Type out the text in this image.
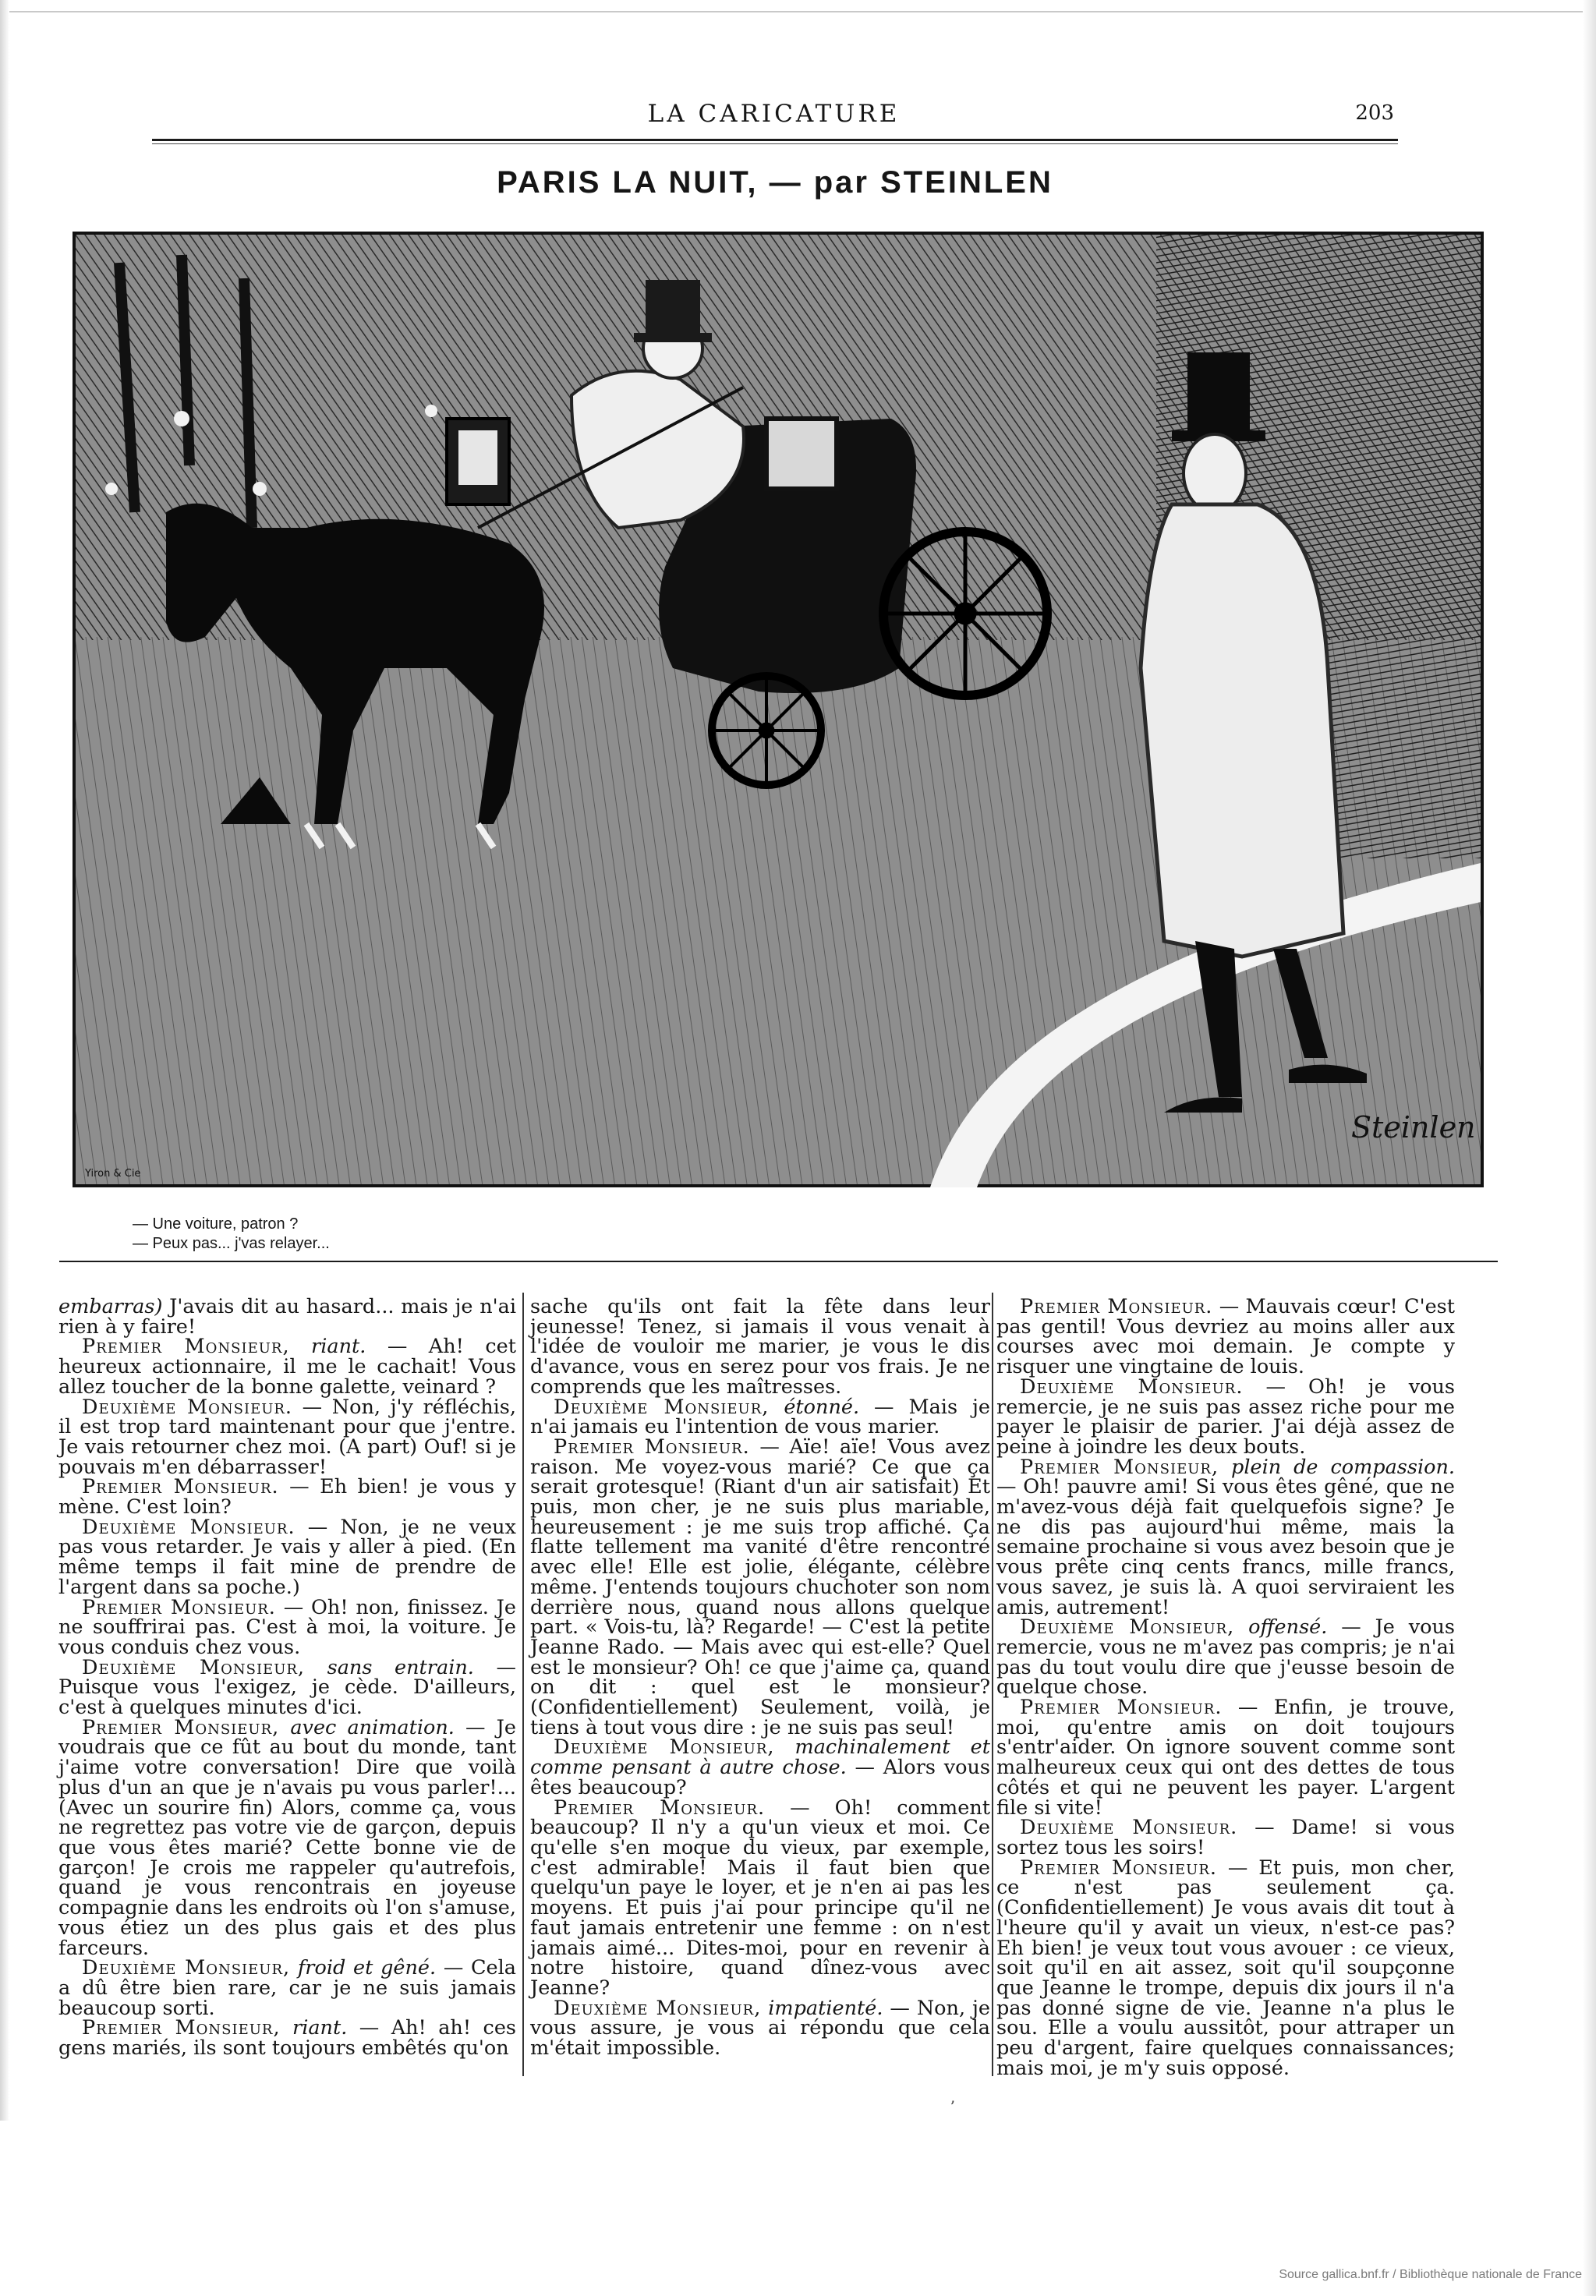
LA CARICATURE	203
PARIS LA NUIT, — par STEINLEN
Steinlen
Yiron & Cie
— Une voiture, patron ?
— Peux pas... j'vas relayer...

embarras) J'avais dit au hasard... mais je n'ai rien à y faire!

Premier Monsieur, riant. — Ah! cet heureux actionnaire, il me le cachait! Vous allez toucher de la bonne galette, veinard ?

Deuxième Monsieur. — Non, j'y réfléchis, il est trop tard maintenant pour que j'entre. Je vais retourner chez moi. (A part) Ouf! si je pouvais m'en débarrasser!

Premier Monsieur. — Eh bien! je vous y mène. C'est loin?

Deuxième Monsieur. — Non, je ne veux pas vous retarder. Je vais y aller à pied. (En même temps il fait mine de prendre de l'argent dans sa poche.)

Premier Monsieur. — Oh! non, finissez. Je ne souffrirai pas. C'est à moi, la voiture. Je vous conduis chez vous.

Deuxième Monsieur, sans entrain. — Puisque vous l'exigez, je cède. D'ailleurs, c'est à quelques minutes d'ici.

Premier Monsieur, avec animation. — Je voudrais que ce fût au bout du monde, tant j'aime votre conversation! Dire que voilà plus d'un an que je n'avais pu vous parler!... (Avec un sourire fin) Alors, comme ça, vous ne regrettez pas votre vie de garçon, depuis que vous êtes marié? Cette bonne vie de garçon! Je crois me rappeler qu'autrefois, quand je vous rencontrais en joyeuse compagnie dans les endroits où l'on s'amuse, vous étiez un des plus gais et des plus farceurs.

Deuxième Monsieur, froid et gêné. — Cela a dû être bien rare, car je ne suis jamais beaucoup sorti.

Premier Monsieur, riant. — Ah! ah! ces gens mariés, ils sont toujours embêtés qu'on

sache qu'ils ont fait la fête dans leur jeunesse! Tenez, si jamais il vous venait à l'idée de vouloir me marier, je vous le dis d'avance, vous en serez pour vos frais. Je ne comprends que les maîtresses.

Deuxième Monsieur, étonné. — Mais je n'ai jamais eu l'intention de vous marier.

Premier Monsieur. — Aïe! aïe! Vous avez raison. Me voyez-vous marié? Ce que ça serait grotesque! (Riant d'un air satisfait) Et puis, mon cher, je ne suis plus mariable, heureusement : je me suis trop affiché. Ça flatte tellement ma vanité d'être rencontré avec elle! Elle est jolie, élégante, célèbre même. J'entends toujours chuchoter son nom derrière nous, quand nous allons quelque part. « Vois-tu, là? Regarde! — C'est la petite Jeanne Rado. — Mais avec qui est-elle? Quel est le monsieur? Oh! ce que j'aime ça, quand on dit : quel est le monsieur? (Confidentiellement) Seulement, voilà, je tiens à tout vous dire : je ne suis pas seul!

Deuxième Monsieur, machinalement et comme pensant à autre chose. — Alors vous êtes beaucoup?

Premier Monsieur. — Oh! comment beaucoup? Il n'y a qu'un vieux et moi. Ce qu'elle s'en moque du vieux, par exemple, c'est admirable! Mais il faut bien que quelqu'un paye le loyer, et je n'en ai pas les moyens. Et puis j'ai pour principe qu'il ne faut jamais entretenir une femme : on n'est jamais aimé... Dites-moi, pour en revenir à notre histoire, quand dînez-vous avec Jeanne?

Deuxième Monsieur, impatienté. — Non, je vous assure, je vous ai répondu que cela m'était impossible.

Premier Monsieur. — Mauvais cœur! C'est pas gentil! Vous devriez au moins aller aux courses avec moi demain. Je compte y risquer une vingtaine de louis.

Deuxième Monsieur. — Oh! je vous remercie, je ne suis pas assez riche pour me payer le plaisir de parier. J'ai déjà assez de peine à joindre les deux bouts.

Premier Monsieur, plein de compassion. — Oh! pauvre ami! Si vous êtes gêné, que ne m'avez-vous déjà fait quelquefois signe? Je ne dis pas aujourd'hui même, mais la semaine prochaine si vous avez besoin que je vous prête cinq cents francs, mille francs, vous savez, je suis là. A quoi serviraient les amis, autrement!

Deuxième Monsieur, offensé. — Je vous remercie, vous ne m'avez pas compris; je n'ai pas du tout voulu dire que j'eusse besoin de quelque chose.

Premier Monsieur. — Enfin, je trouve, moi, qu'entre amis on doit toujours s'entr'aider. On ignore souvent comme sont malheureux ceux qui ont des dettes de tous côtés et qui ne peuvent les payer. L'argent file si vite!

Deuxième Monsieur. — Dame! si vous sortez tous les soirs!

Premier Monsieur. — Et puis, mon cher, ce n'est pas seulement ça. (Confidentiellement) Je vous avais dit tout à l'heure qu'il y avait un vieux, n'est-ce pas? Eh bien! je veux tout vous avouer : ce vieux, soit qu'il en ait assez, soit qu'il soupçonne que Jeanne le trompe, depuis dix jours il n'a pas donné signe de vie. Jeanne n'a plus le sou. Elle a voulu aussitôt, pour attraper un peu d'argent, faire quelques connaissances; mais moi, je m'y suis opposé.

ʼ
Source gallica.bnf.fr / Bibliothèque nationale de France
